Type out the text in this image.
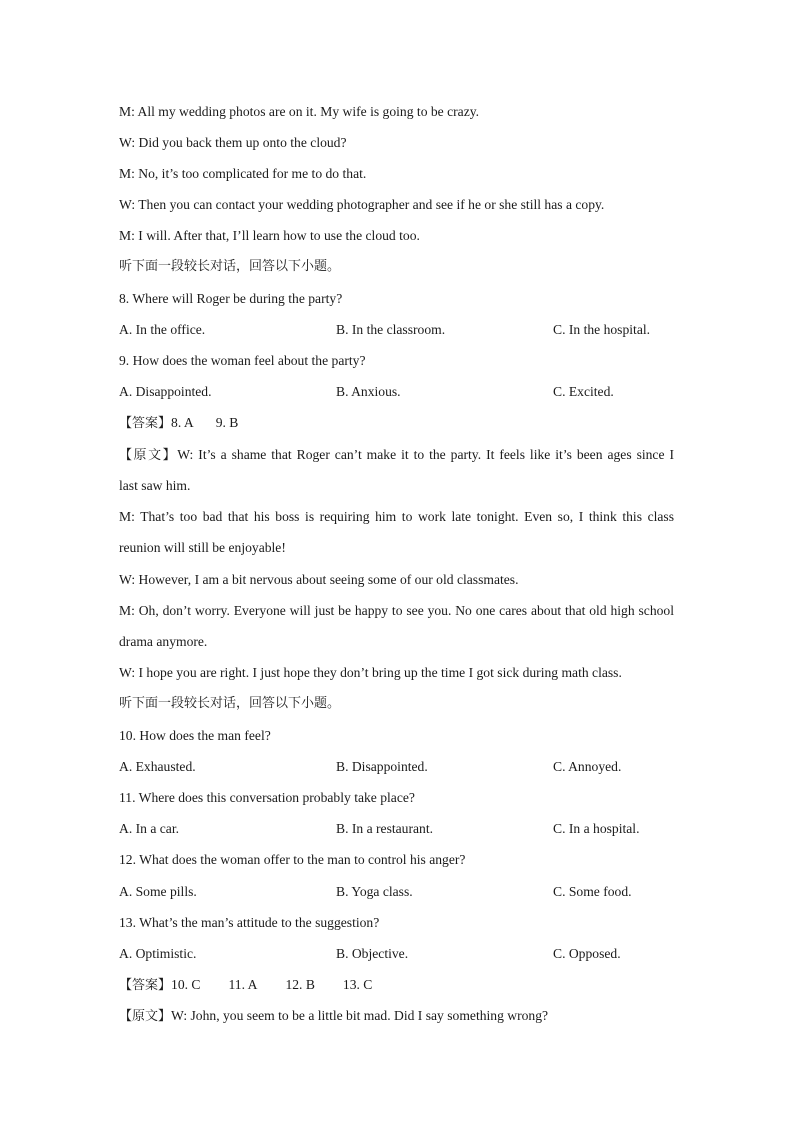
M: All my wedding photos are on it. My wife is going to be crazy.
W: Did you back them up onto the cloud?
M: No, it’s too complicated for me to do that.
W: Then you can contact your wedding photographer and see if he or she still has a copy.
M: I will. After that, I’ll learn how to use the cloud too.
听下面一段较长对话，回答以下小题。
8. Where will Roger be during the party?
A. In the office.	B. In the classroom.	C. In the hospital.
9. How does the woman feel about the party?
A. Disappointed.	B. Anxious.	C. Excited.
【答案】8. A 9. B
【原文】W: It’s a shame that Roger can’t make it to the party. It feels like it’s been ages since I
last saw him.
M: That’s too bad that his boss is requiring him to work late tonight. Even so, I think this class
reunion will still be enjoyable!
W: However, I am a bit nervous about seeing some of our old classmates.
M: Oh, don’t worry. Everyone will just be happy to see you. No one cares about that old high school
drama anymore.
W: I hope you are right. I just hope they don’t bring up the time I got sick during math class.
听下面一段较长对话，回答以下小题。
10. How does the man feel?
A. Exhausted.	B. Disappointed.	C. Annoyed.
11. Where does this conversation probably take place?
A. In a car.	B. In a restaurant.	C. In a hospital.
12. What does the woman offer to the man to control his anger?
A. Some pills.	B. Yoga class.	C. Some food.
13. What’s the man’s attitude to the suggestion?
A. Optimistic.	B. Objective.	C. Opposed.
【答案】10. C 11. A 12. B 13. C
【原文】W: John, you seem to be a little bit mad. Did I say something wrong?
